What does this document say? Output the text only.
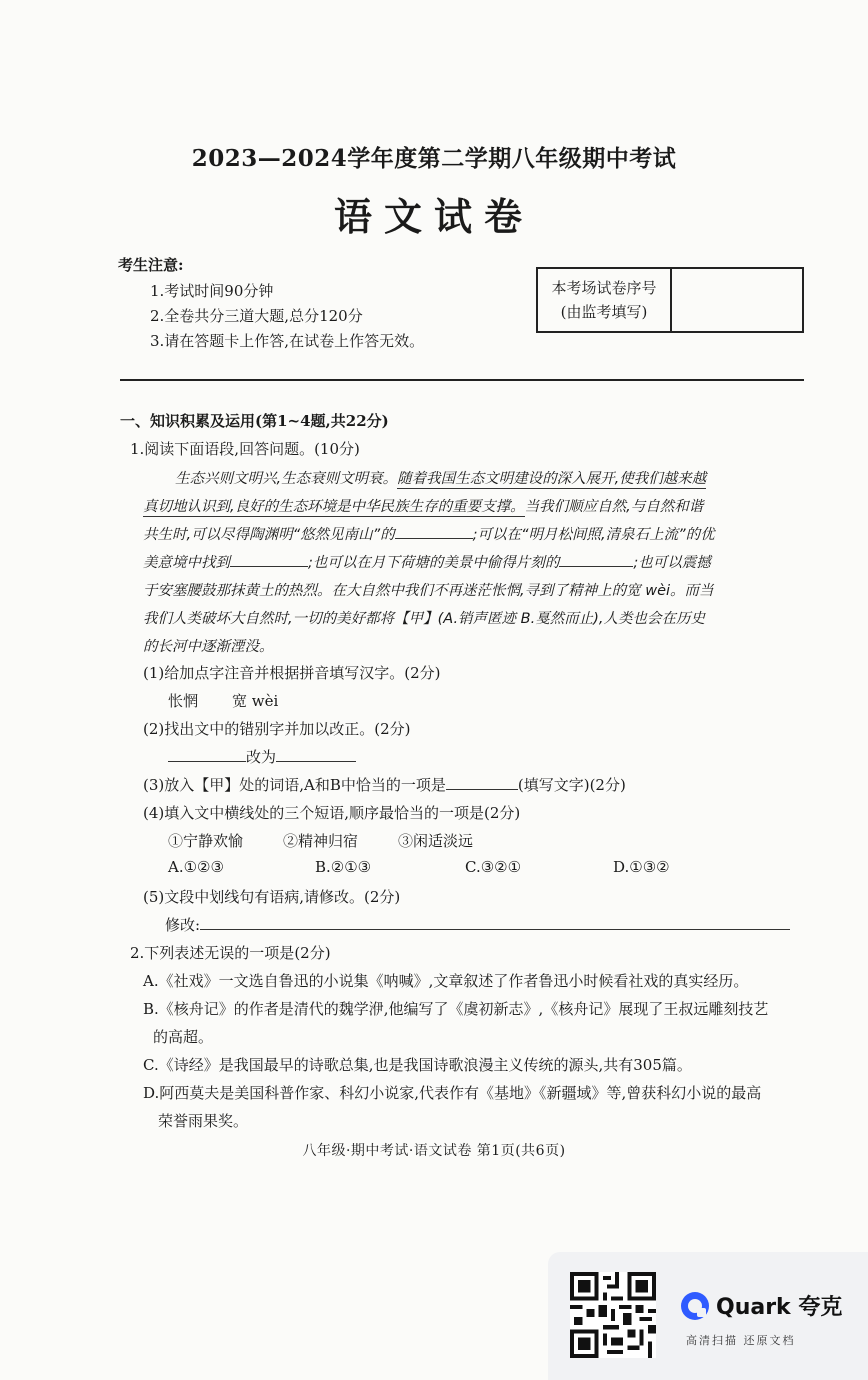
2023—2024学年度第二学期八年级期中考试
语文试卷
考生注意:
1.考试时间90分钟
2.全卷共分三道大题,总分120分
3.请在答题卡上作答,在试卷上作答无效。
本考场试卷序号
(由监考填写)
一、知识积累及运用(第1~4题,共22分)
1.阅读下面语段,回答问题。(10分)
生态兴则文明兴,生态衰则文明衰。随着我国生态文明建设的深入展开,使我们越来越
真切地认识到,良好的生态环境是中华民族生存的重要支撑。当我们顺应自然,与自然和谐
共生时,可以尽得陶渊明“悠然见南山”的	;可以在“明月松间照,清泉石上流”的优
美意境中找到	;也可以在月下荷塘的美景中偷得片刻的	;也可以震撼
于安塞腰鼓那抹黄土的热烈。在大自然中我们不再迷茫怅惘,寻到了精神上的宽 wèi。而当
我们人类破坏大自然时,一切的美好都将【甲】(A.销声匿迹 B.戛然而止),人类也会在历史
的长河中逐渐湮没。
(1)给加点字注音并根据拼音填写汉字。(2分)
怅惘 宽 wèi
(2)找出文中的错别字并加以改正。(2分)
改为
(3)放入【甲】处的词语,A和B中恰当的一项是	(填写文字)(2分)
(4)填入文中横线处的三个短语,顺序最恰当的一项是(2分)
①宁静欢愉	②精神归宿	③闲适淡远
A.①②③	B.②①③	C.③②①	D.①③②
(5)文段中划线句有语病,请修改。(2分)
修改:
2.下列表述无误的一项是(2分)
A.《社戏》一文选自鲁迅的小说集《呐喊》,文章叙述了作者鲁迅小时候看社戏的真实经历。
B.《核舟记》的作者是清代的魏学洢,他编写了《虞初新志》,《核舟记》展现了王叔远雕刻技艺
的高超。
C.《诗经》是我国最早的诗歌总集,也是我国诗歌浪漫主义传统的源头,共有305篇。
D.阿西莫夫是美国科普作家、科幻小说家,代表作有《基地》《新疆域》等,曾获科幻小说的最高
荣誉雨果奖。
八年级·期中考试·语文试卷 第1页(共6页)
Quark 夸克
高清扫描 还原文档
